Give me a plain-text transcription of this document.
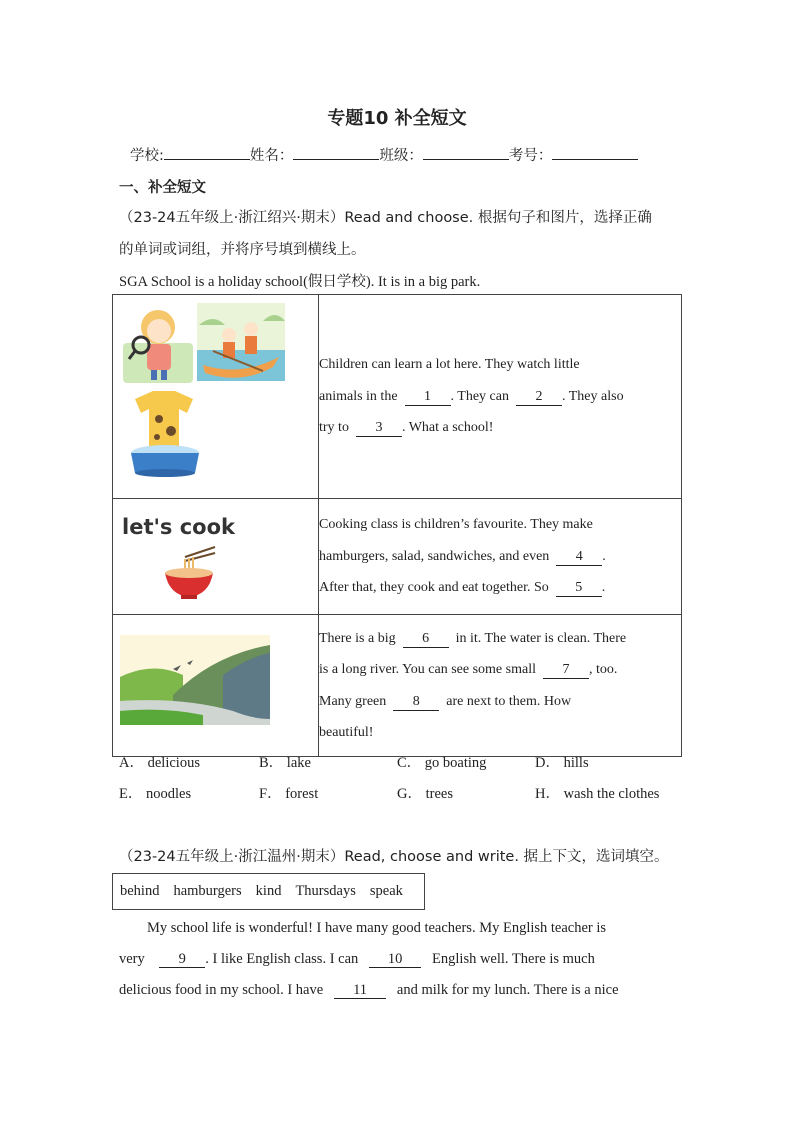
专题10 补全短文
学校:	姓名：	班级：	考号：
一、补全短文
（23-24五年级上·浙江绍兴·期末）Read and choose. 根据句子和图片，选择正确
的单词或词组，并将序号填到横线上。
SGA School is a holiday school(假日学校). It is in a big park.

Children can learn a lot here. They watch little
animals in the 1 . They can 2 . They also
try to 3 . What a school!

let's cook	Cooking class is children’s favourite. They make
hamburgers, salad, sandwiches, and even 4 .
After that, they cook and eat together. So 5 .

There is a big 6 in it. The water is clean. There
is a long river. You can see some small 7 , too.
Many green 8 are next to them. How
beautiful!
A． delicious	B． lake	C． go boating	D． hills
E． noodles	F． forest	G． trees	H． wash the clothes
（23-24五年级上·浙江温州·期末）Read, choose and write. 据上下文，选词填空。
behind hamburgers kind Thursdays speak
My school life is wonderful! I have many good teachers. My English teacher is
very
	9	. I like English class. I can
	10
	English well. There is much
delicious food in my school. I have
	11
	and milk for my lunch. There is a nice
